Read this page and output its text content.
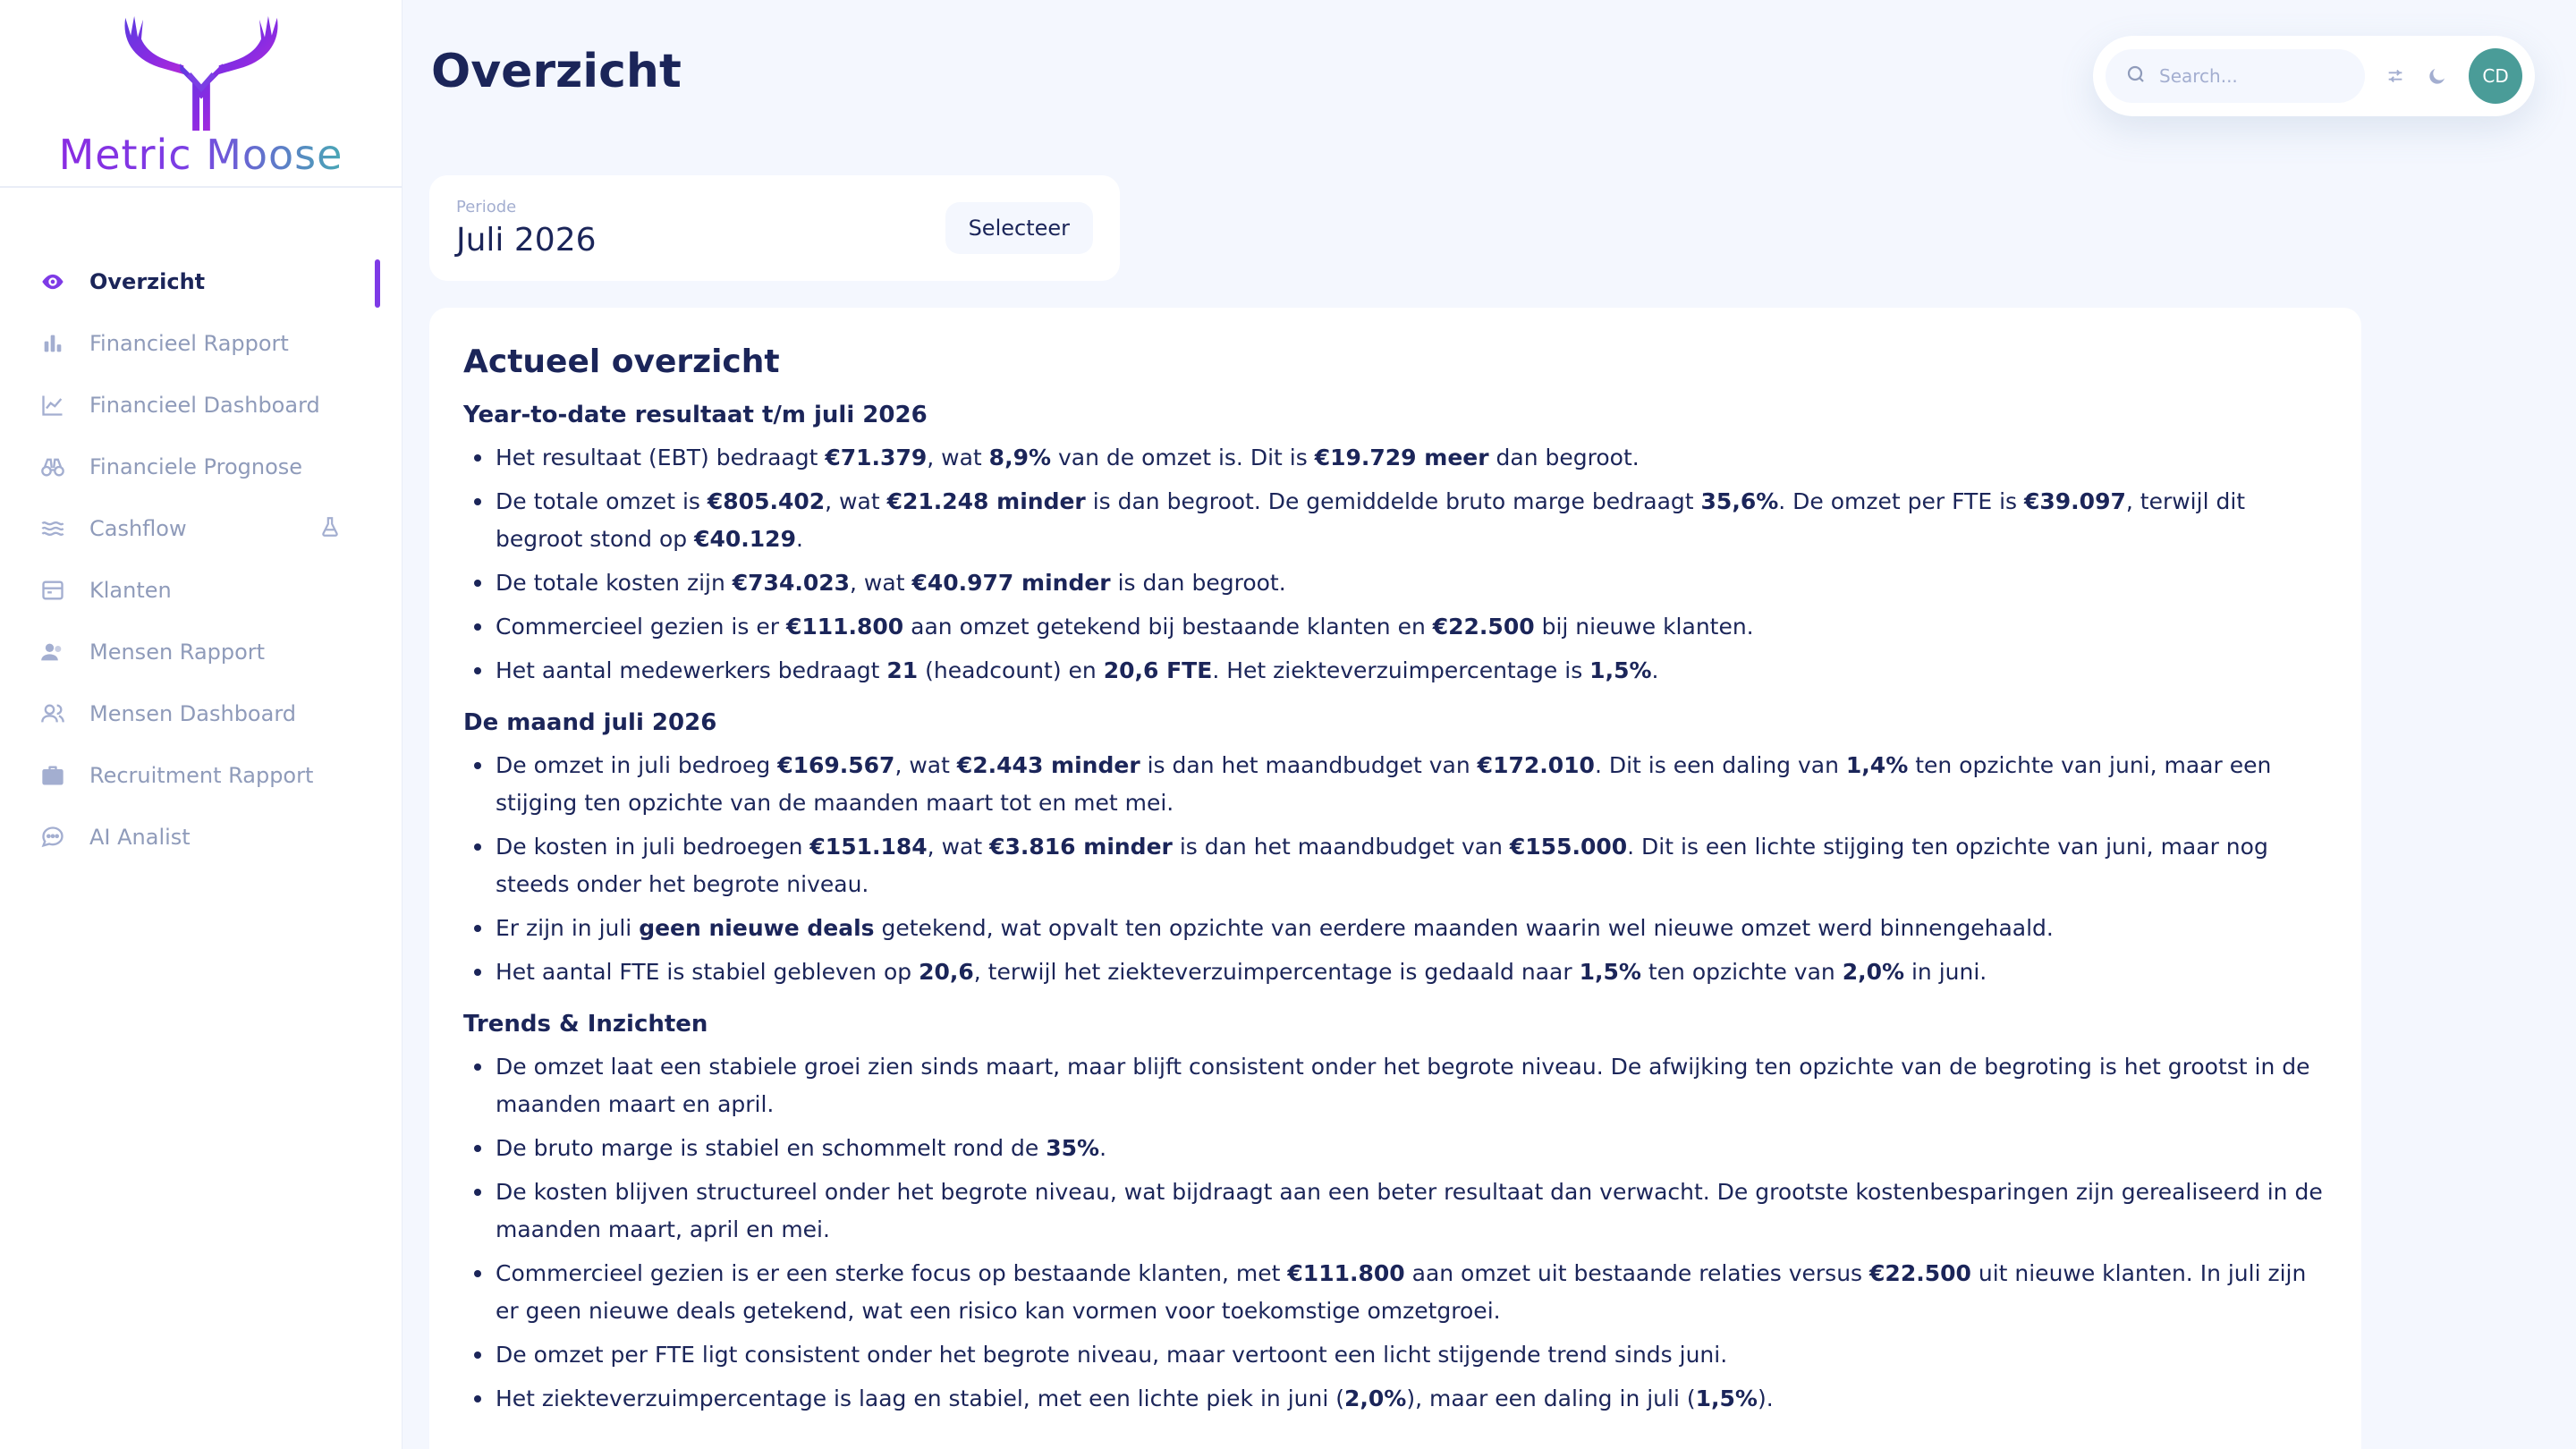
Metric Moose
Overzicht
Financieel Rapport
Financieel Dashboard
Financiele Prognose
Cashflow
Klanten
Mensen Rapport
Mensen Dashboard
Recruitment Rapport
AI Analist
Overzicht
Search...	CD
Periode
Juli 2026	Selecteer
Actueel overzicht
Year-to-date resultaat t/m juli 2026
Het resultaat (EBT) bedraagt €71.379, wat 8,9% van de omzet is. Dit is €19.729 meer dan begroot.
De totale omzet is €805.402, wat €21.248 minder is dan begroot. De gemiddelde bruto marge bedraagt 35,6%. De omzet per FTE is €39.097, terwijl dit begroot stond op €40.129.
De totale kosten zijn €734.023, wat €40.977 minder is dan begroot.
Commercieel gezien is er €111.800 aan omzet getekend bij bestaande klanten en €22.500 bij nieuwe klanten.
Het aantal medewerkers bedraagt 21 (headcount) en 20,6 FTE. Het ziekteverzuimpercentage is 1,5%.
De maand juli 2026
De omzet in juli bedroeg €169.567, wat €2.443 minder is dan het maandbudget van €172.010. Dit is een daling van 1,4% ten opzichte van juni, maar een stijging ten opzichte van de maanden maart tot en met mei.
De kosten in juli bedroegen €151.184, wat €3.816 minder is dan het maandbudget van €155.000. Dit is een lichte stijging ten opzichte van juni, maar nog steeds onder het begrote niveau.
Er zijn in juli geen nieuwe deals getekend, wat opvalt ten opzichte van eerdere maanden waarin wel nieuwe omzet werd binnengehaald.
Het aantal FTE is stabiel gebleven op 20,6, terwijl het ziekteverzuimpercentage is gedaald naar 1,5% ten opzichte van 2,0% in juni.
Trends & Inzichten
De omzet laat een stabiele groei zien sinds maart, maar blijft consistent onder het begrote niveau. De afwijking ten opzichte van de begroting is het grootst in de maanden maart en april.
De bruto marge is stabiel en schommelt rond de 35%.
De kosten blijven structureel onder het begrote niveau, wat bijdraagt aan een beter resultaat dan verwacht. De grootste kostenbesparingen zijn gerealiseerd in de maanden maart, april en mei.
Commercieel gezien is er een sterke focus op bestaande klanten, met €111.800 aan omzet uit bestaande relaties versus €22.500 uit nieuwe klanten. In juli zijn er geen nieuwe deals getekend, wat een risico kan vormen voor toekomstige omzetgroei.
De omzet per FTE ligt consistent onder het begrote niveau, maar vertoont een licht stijgende trend sinds juni.
Het ziekteverzuimpercentage is laag en stabiel, met een lichte piek in juni (2,0%), maar een daling in juli (1,5%).
